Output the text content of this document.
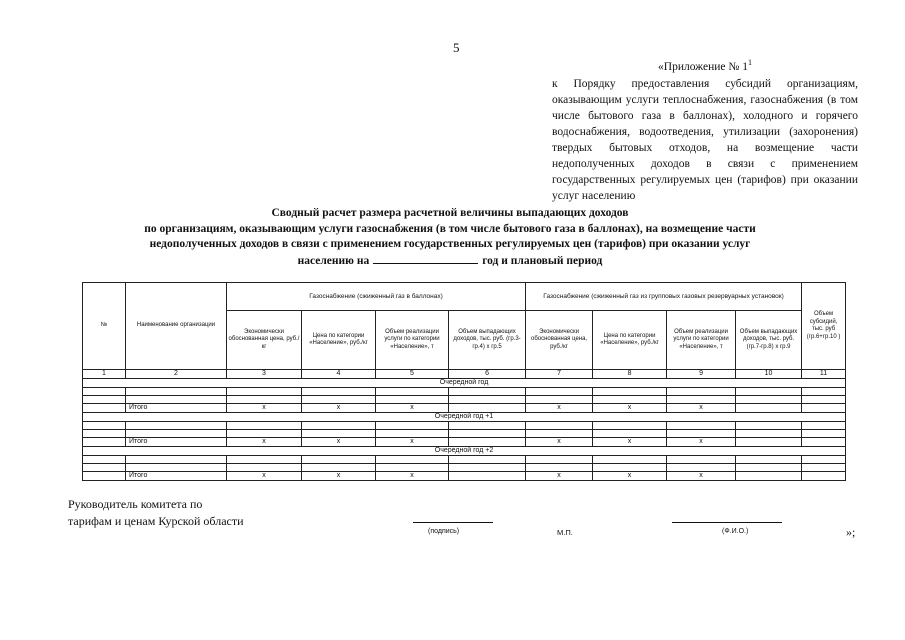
5
«Приложение № $1^1$
к Порядку предоставления субсидий организациям, оказывающим услуги теплоснабжения, газоснабжения (в том числе бытового газа в баллонах), холодного и горячего водоснабжения, водоотведения, утилизации (захоронения) твердых бытовых отходов, на возмещение части недополученных доходов в связи с применением государственных регулируемых цен (тарифов) при оказании услуг населению
Сводный расчет размера расчетной величины выпадающих доходов
по организациям, оказывающим услуги газоснабжения (в том числе бытового газа в баллонах), на возмещение части
недополученных доходов в связи с применением государственных регулируемых цен (тарифов) при оказании услуг
населению на	год и плановый период
№	Наименование организации	Газоснабжение (сжиженный газ в баллонах)				Газоснабжение (сжиженный газ из групповых газовых резервуарных установок)				Объем субсидий, тыс. руб (гр.6+гр.10 )
		Экономически обоснованная цена, руб./кг	Цена по категории «Население», руб./кг	Объем реализации услуги по категории «Население», т	Объем выпадающих доходов, тыс. руб. (гр.3-гр.4) х гр.5	Экономически обоснованная цена, руб./кг	Цена по категории «Население», руб./кг	Объем реализации услуги по категории «Население», т	Объем выпадающих доходов, тыс. руб.(гр.7-гр.8) х гр.9	
1	2	3	4	5	6	7	8	9	10	11
Очередной год										

	Итого	х	х	х		х	х	х		
Очередной год +1										

	Итого	х	х	х		х	х	х		
Очередной год +2										

	Итого	х	х	х		х	х	х		
Руководитель комитета по
тарифам и ценам Курской области
(подпись)	М.П.	(Ф.И.О.)	»;
